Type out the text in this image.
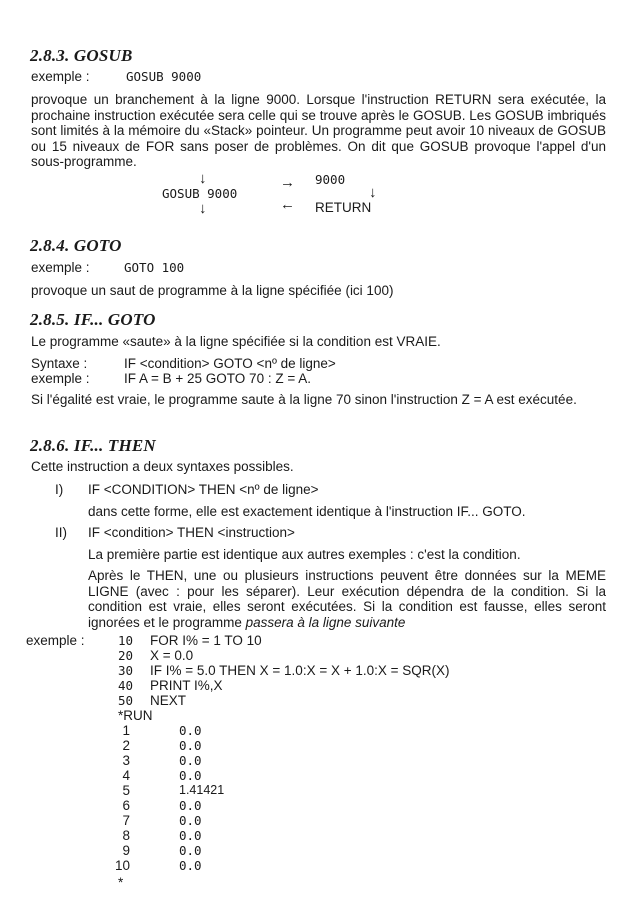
2.8.3. GOSUB
exemple :	GOSUB 9000
provoque un branchement à la ligne 9000. Lorsque l'instruction RETURN sera exécutée, la prochaine instruction exécutée sera celle qui se trouve après le GOSUB. Les GOSUB imbriqués sont limités à la mémoire du «Stack» pointeur. Un programme peut avoir 10 niveaux de GOSUB ou 15 niveaux de FOR sans poser de problèmes. On dit que GOSUB provoque l'appel d'un sous-programme.
↓
GOSUB 9000
↓
→
←
9000
↓
RETURN
2.8.4. GOTO
exemple :	GOTO 100
provoque un saut de programme à la ligne spécifiée (ici 100)
2.8.5. IF... GOTO
Le programme «saute» à la ligne spécifiée si la condition est VRAIE.
Syntaxe :	IF <condition> GOTO <nº de ligne>
exemple :	IF A = B + 25 GOTO 70 : Z = A.
Si l'égalité est vraie, le programme saute à la ligne 70 sinon l'instruction Z = A est exécutée.
2.8.6. IF... THEN
Cette instruction a deux syntaxes possibles.
I) IF <CONDITION> THEN <nº de ligne>
dans cette forme, elle est exactement identique à l'instruction IF... GOTO.
II) IF <condition> THEN <instruction>
La première partie est identique aux autres exemples : c'est la condition.
Après le THEN, une ou plusieurs instructions peuvent être données sur la MEME LIGNE (avec : pour les séparer). Leur exécution dépendra de la condition. Si la condition est vraie, elles seront exécutées. Si la condition est fausse, elles seront ignorées et le programme passera à la ligne suivante
exemple :	10 FOR I% = 1 TO 10
20 X = 0.0
30 IF I% = 5.0 THEN X = 1.0:X = X + 1.0:X = SQR(X)
40 PRINT I%,X
50 NEXT
*RUN
1	0.0
2	0.0
3	0.0
4	0.0
5	1.41421
6	0.0
7	0.0
8	0.0
9	0.0
10	0.0
*
